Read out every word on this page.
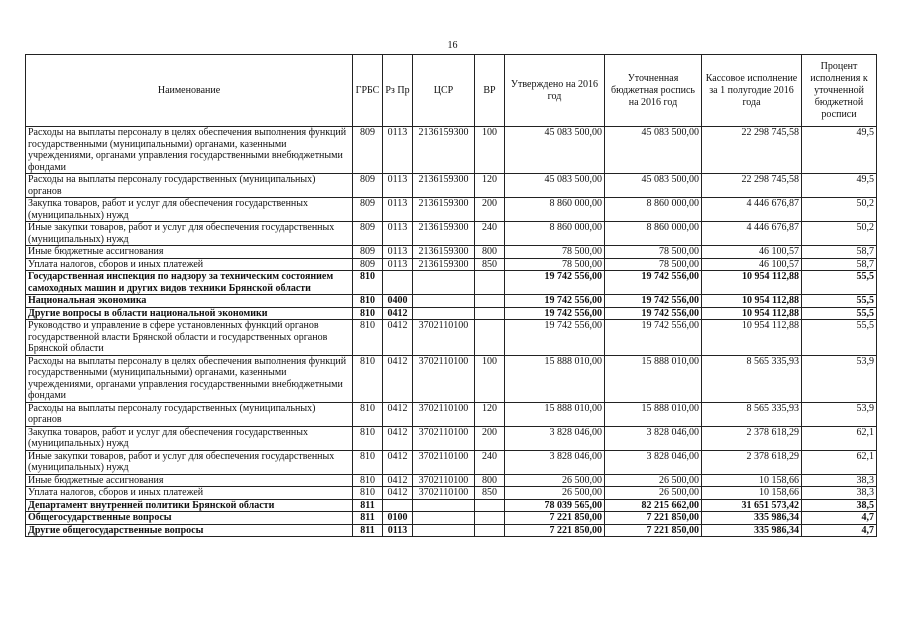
16
Наименование	ГРБС	Рз Пр	ЦСР	ВР	Утверждено на 2016 год	Уточненная бюджетная роспись на 2016 год	Кассовое исполнение за 1 полугодие 2016 года	Процент исполнения к уточненной бюджетной росписи
Расходы на выплаты персоналу в целях обеспечения выполнения функций государственными (муниципальными) органами, казенными учреждениями, органами управления государственными внебюджетными фондами	809	0113	2136159300	100	45 083 500,00	45 083 500,00	22 298 745,58	49,5
Расходы на выплаты персоналу государственных (муниципальных) органов	809	0113	2136159300	120	45 083 500,00	45 083 500,00	22 298 745,58	49,5
Закупка товаров, работ и услуг для обеспечения государственных (муниципальных) нужд	809	0113	2136159300	200	8 860 000,00	8 860 000,00	4 446 676,87	50,2
Иные закупки товаров, работ и услуг для обеспечения государственных (муниципальных) нужд	809	0113	2136159300	240	8 860 000,00	8 860 000,00	4 446 676,87	50,2
Иные бюджетные ассигнования	809	0113	2136159300	800	78 500,00	78 500,00	46 100,57	58,7
Уплата налогов, сборов и иных платежей	809	0113	2136159300	850	78 500,00	78 500,00	46 100,57	58,7
Государственная инспекция по надзору за техническим состоянием самоходных машин и других видов техники Брянской области	810				19 742 556,00	19 742 556,00	10 954 112,88	55,5
Национальная экономика	810	0400			19 742 556,00	19 742 556,00	10 954 112,88	55,5
Другие вопросы в области национальной экономики	810	0412			19 742 556,00	19 742 556,00	10 954 112,88	55,5
Руководство и управление в сфере установленных функций органов государственной власти Брянской области и государственных органов Брянской области	810	0412	3702110100		19 742 556,00	19 742 556,00	10 954 112,88	55,5
Расходы на выплаты персоналу в целях обеспечения выполнения функций государственными (муниципальными) органами, казенными учреждениями, органами управления государственными внебюджетными фондами	810	0412	3702110100	100	15 888 010,00	15 888 010,00	8 565 335,93	53,9
Расходы на выплаты персоналу государственных (муниципальных) органов	810	0412	3702110100	120	15 888 010,00	15 888 010,00	8 565 335,93	53,9
Закупка товаров, работ и услуг для обеспечения государственных (муниципальных) нужд	810	0412	3702110100	200	3 828 046,00	3 828 046,00	2 378 618,29	62,1
Иные закупки товаров, работ и услуг для обеспечения государственных (муниципальных) нужд	810	0412	3702110100	240	3 828 046,00	3 828 046,00	2 378 618,29	62,1
Иные бюджетные ассигнования	810	0412	3702110100	800	26 500,00	26 500,00	10 158,66	38,3
Уплата налогов, сборов и иных платежей	810	0412	3702110100	850	26 500,00	26 500,00	10 158,66	38,3
Департамент внутренней политики Брянской области	811				78 039 565,00	82 215 662,00	31 651 573,42	38,5
Общегосударственные вопросы	811	0100			7 221 850,00	7 221 850,00	335 986,34	4,7
Другие общегосударственные вопросы	811	0113			7 221 850,00	7 221 850,00	335 986,34	4,7
